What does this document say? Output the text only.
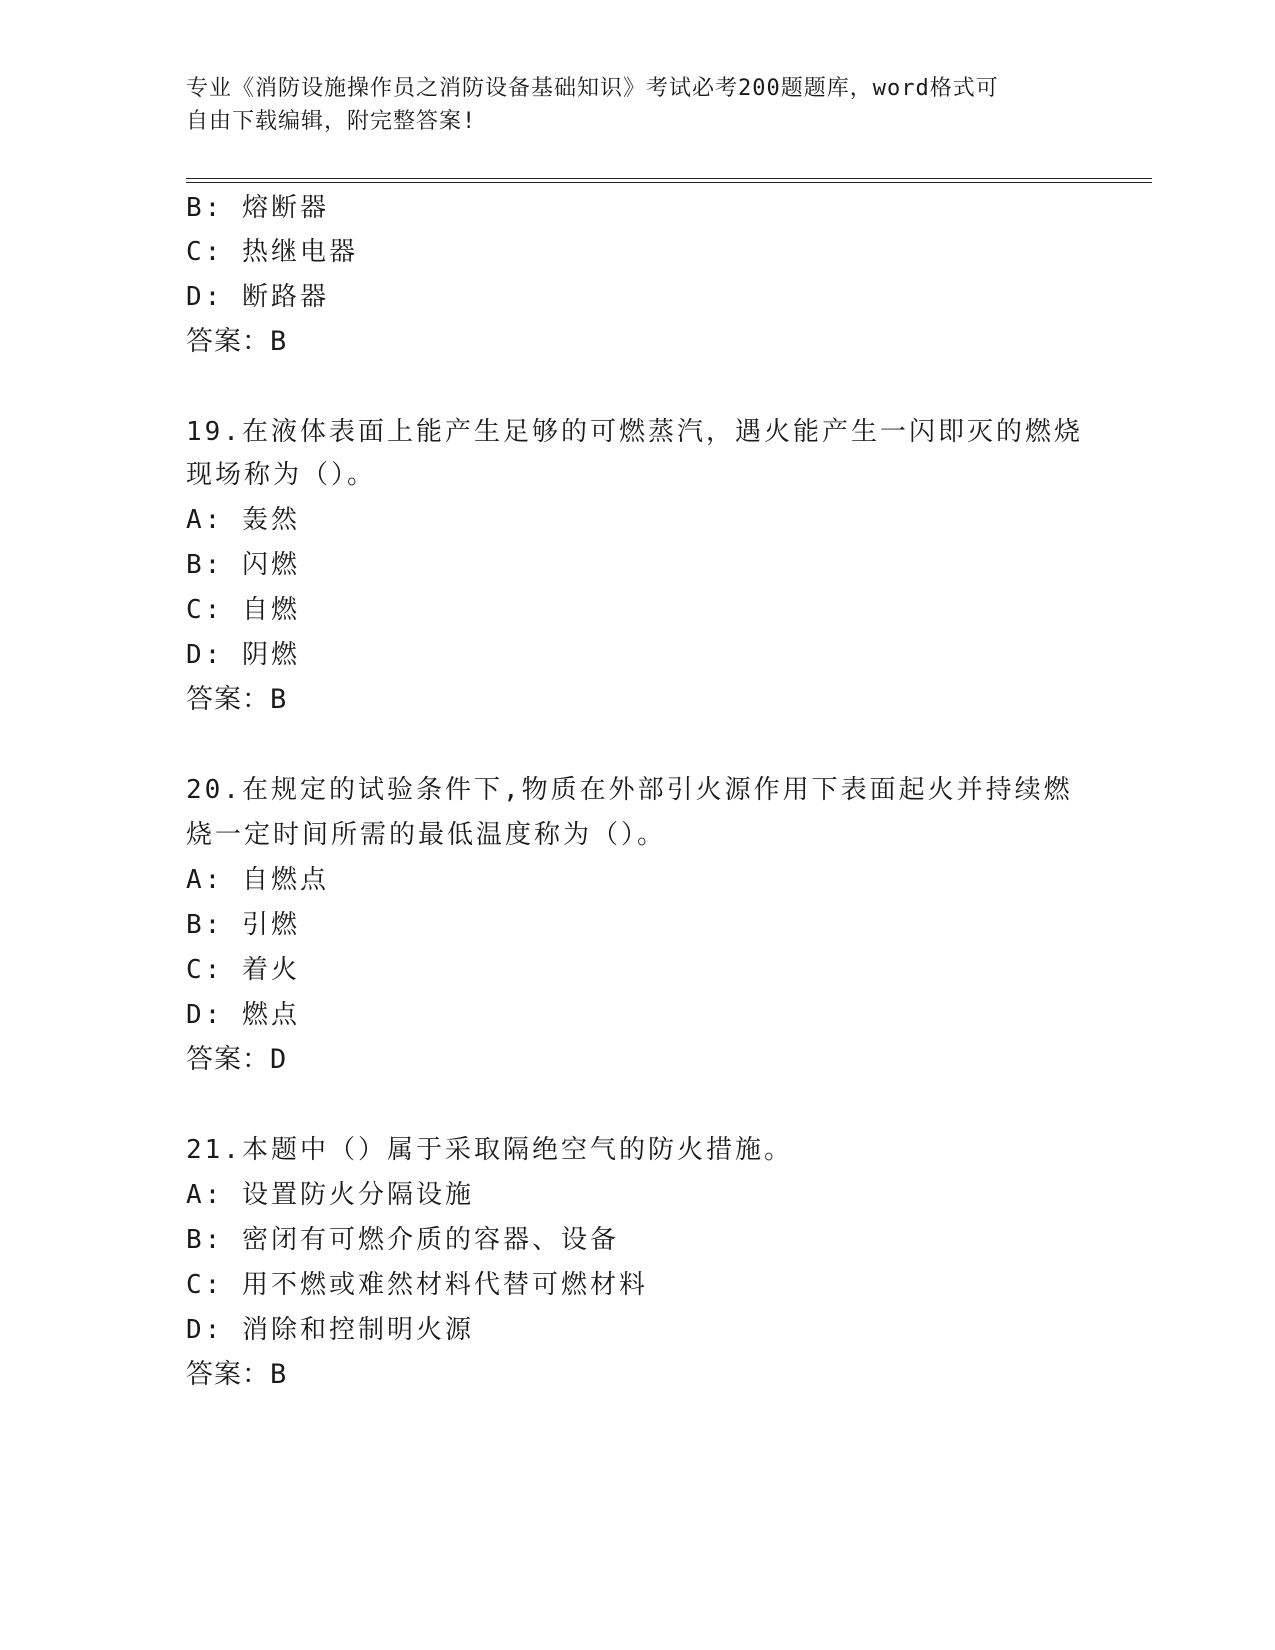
专业《消防设施操作员之消防设备基础知识》考试必考200题题库，word格式可
自由下载编辑，附完整答案!
B: 熔断器
C: 热继电器
D: 断路器
答案：B
19.在液体表面上能产生足够的可燃蒸汽，遇火能产生一闪即灭的燃烧
现场称为（）。
A: 轰然
B: 闪燃
C: 自燃
D: 阴燃
答案：B
20.在规定的试验条件下,物质在外部引火源作用下表面起火并持续燃
烧一定时间所需的最低温度称为（）。
A: 自燃点
B: 引燃
C: 着火
D: 燃点
答案：D
21.本题中（）属于采取隔绝空气的防火措施。
A: 设置防火分隔设施
B: 密闭有可燃介质的容器、设备
C: 用不燃或难然材料代替可燃材料
D: 消除和控制明火源
答案：B
